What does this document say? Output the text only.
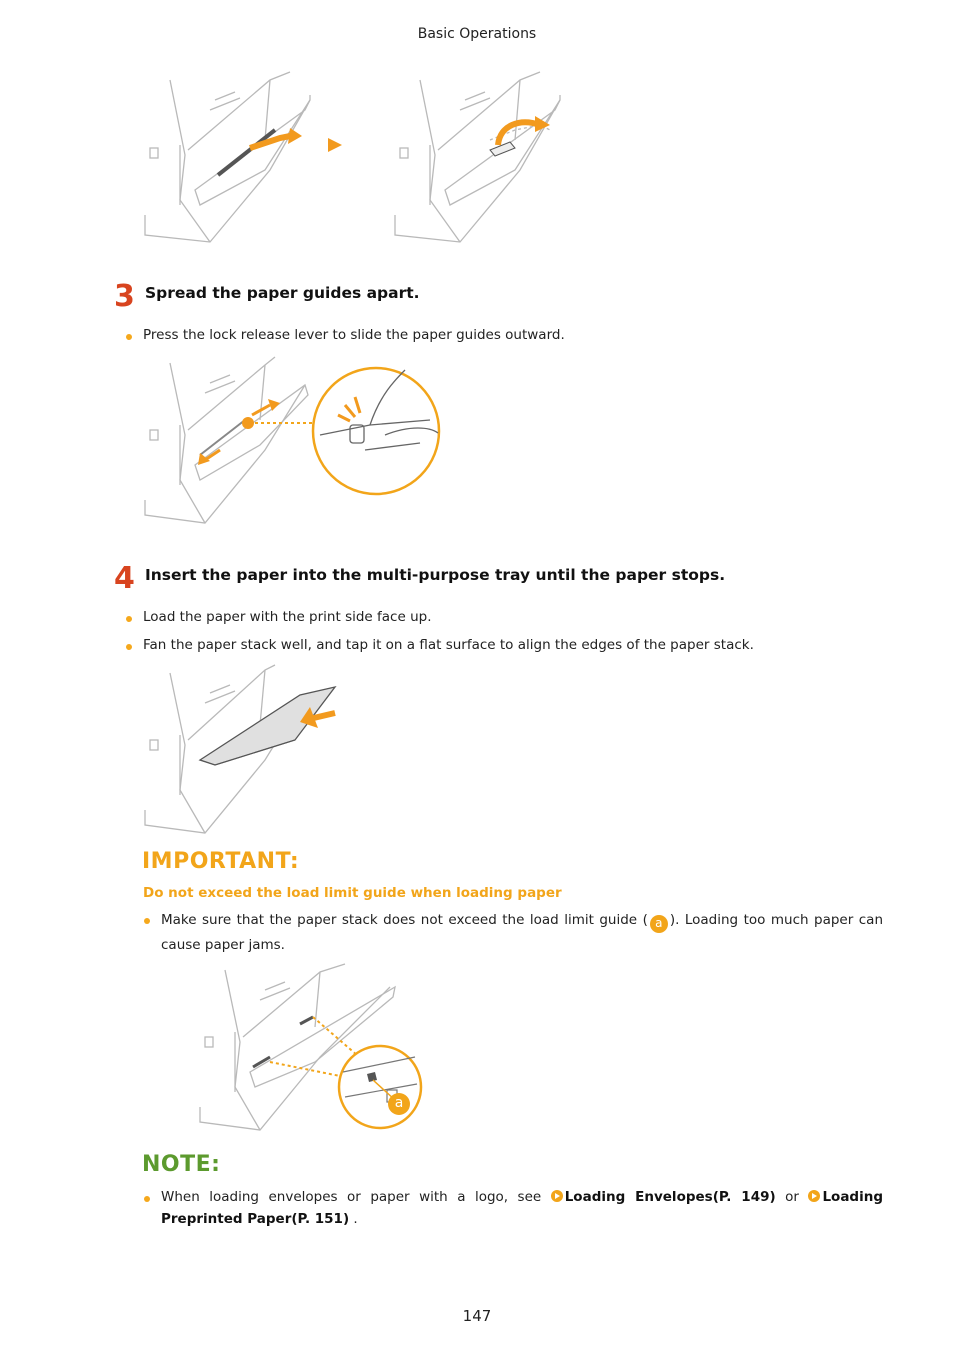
Basic Operations
3 Spread the paper guides apart.
Press the lock release lever to slide the paper guides outward.
4 Insert the paper into the multi-purpose tray until the paper stops.
Load the paper with the print side face up.
Fan the paper stack well, and tap it on a flat surface to align the edges of the paper stack.
IMPORTANT:
Do not exceed the load limit guide when loading paper
Make sure that the paper stack does not exceed the load limit guide ( a ). Loading too much paper can cause paper jams.
a
NOTE:
When loading envelopes or paper with a logo, see Loading Envelopes(P. 149) or Loading Preprinted Paper(P. 151) .
147
